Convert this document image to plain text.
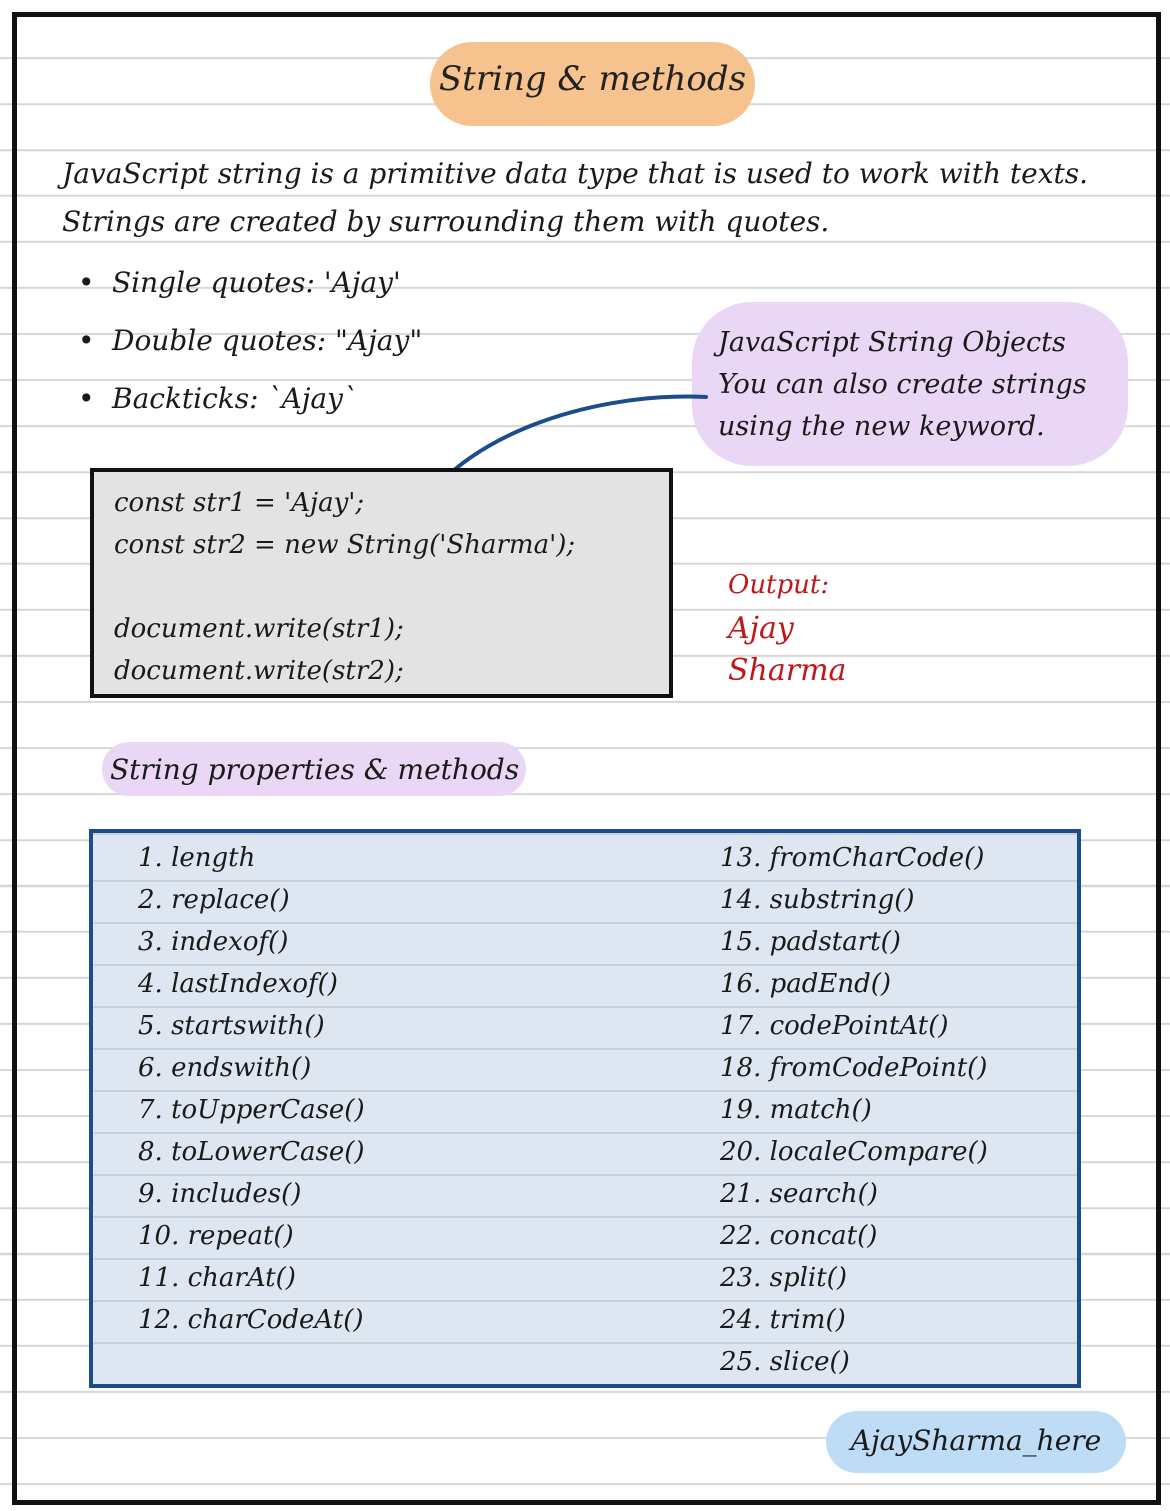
String & methods

JavaScript string is a primitive data type that is used to work with texts.

Strings are created by surrounding them with quotes.

• Single quotes: 'Ajay'
• Double quotes: "Ajay"
• Backticks: `Ajay`
JavaScript String Objects
You can also create strings
using the new keyword.
const str1 = 'Ajay';
const str2 = new String('Sharma');
document.write(str1);
document.write(str2);
Output:
Ajay
Sharma
String properties & methods
1. length
2. replace()
3. indexof()
4. lastIndexof()
5. startswith()
6. endswith()
7. toUpperCase()
8. toLowerCase()
9. includes()
10. repeat()
11. charAt()
12. charCodeAt()
13. fromCharCode()
14. substring()
15. padstart()
16. padEnd()
17. codePointAt()
18. fromCodePoint()
19. match()
20. localeCompare()
21. search()
22. concat()
23. split()
24. trim()
25. slice()
AjaySharma_here
